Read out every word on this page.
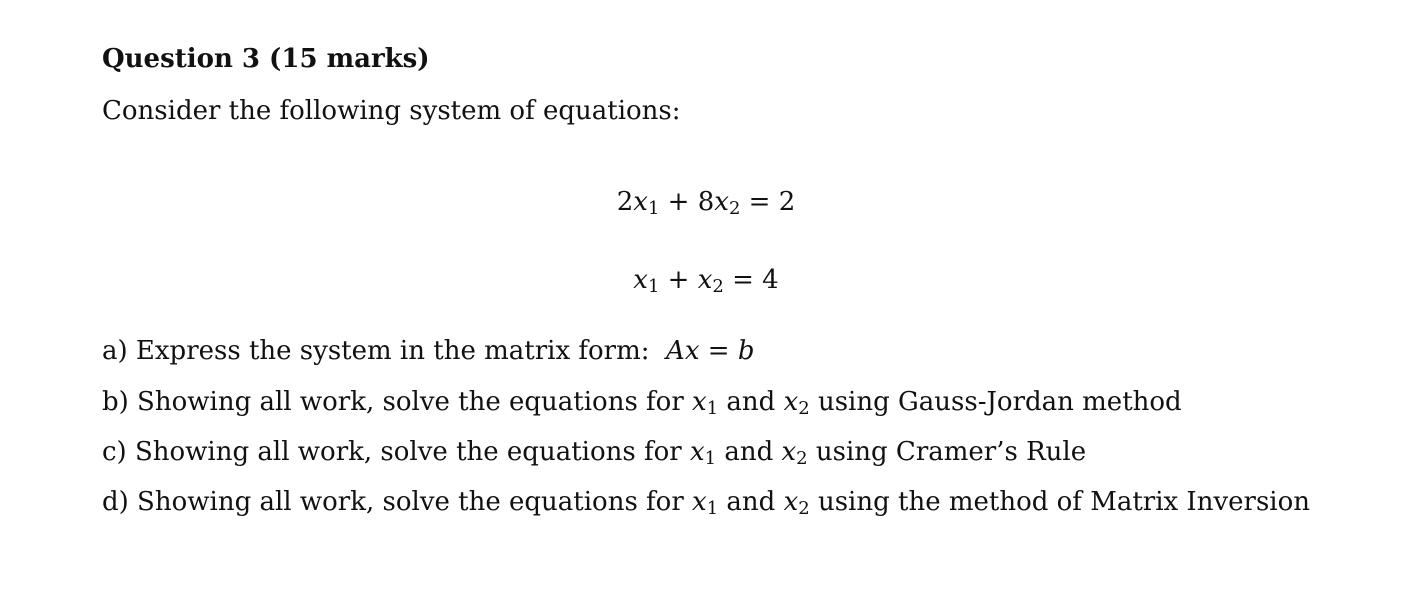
Question 3 (15 marks)
Consider the following system of equations:
$2x_1 + 8x_2 = 2$
$x_1 + x_2 = 4$
a) Express the system in the matrix form:  Ax = b
b) Showing all work, solve the equations for $x_1$ and $x_2$ using Gauss-Jordan method
c) Showing all work, solve the equations for $x_1$ and $x_2$ using Cramer’s Rule
d) Showing all work, solve the equations for $x_1$ and $x_2$ using the method of Matrix Inversion
